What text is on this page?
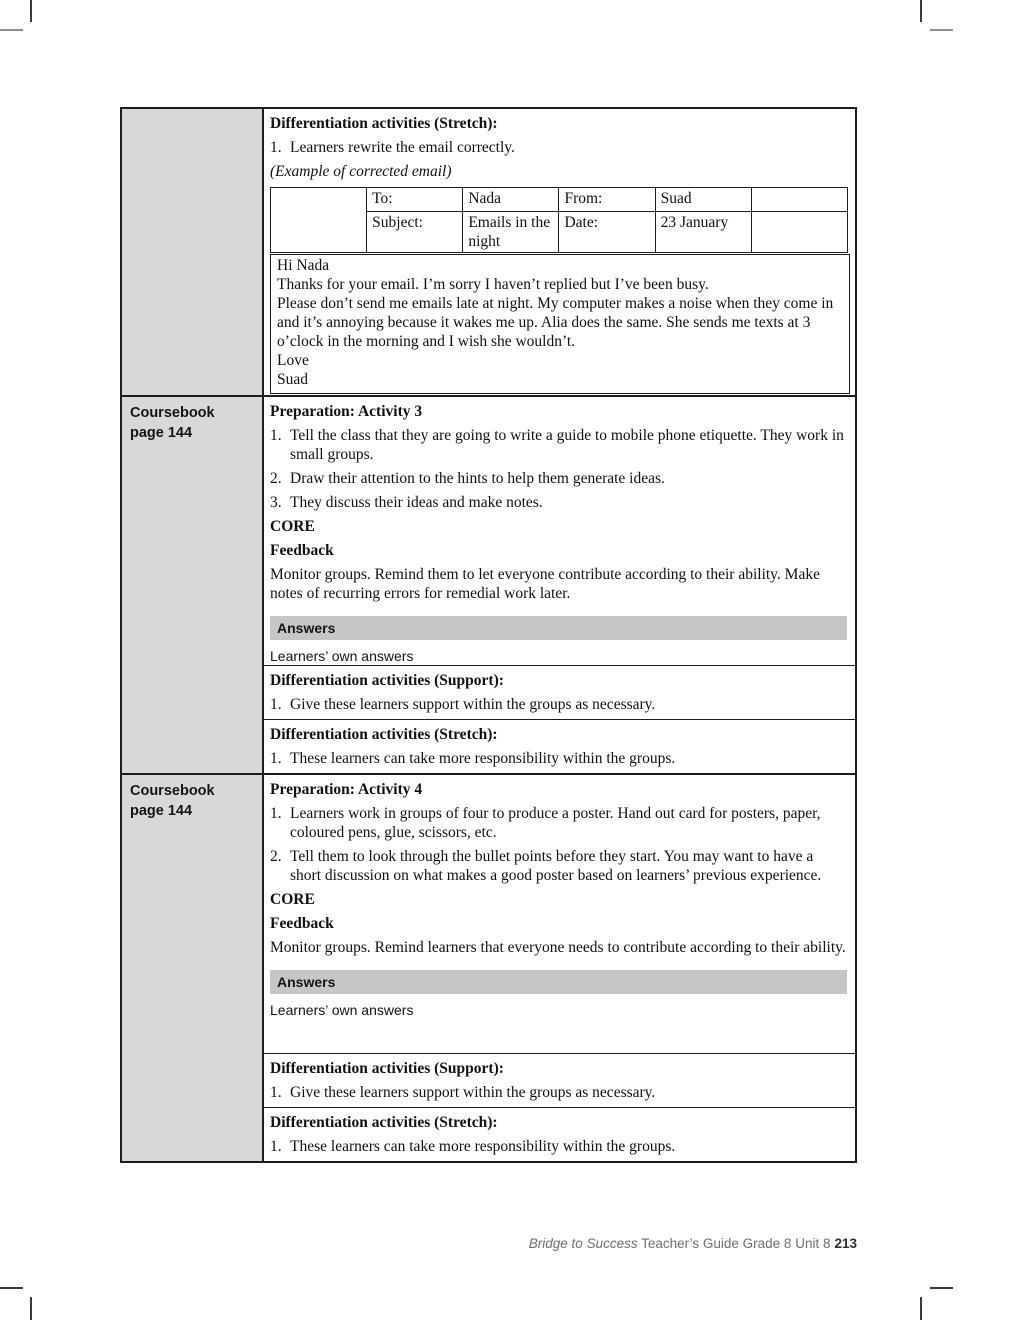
Differentiation activities (Stretch):

1. Learners rewrite the email correctly.

(Example of corrected email)

	To:	Nada	From:	Suad	
	Subject:	Emails in the night	Date:	23 January	

Hi Nada

Thanks for your email. I’m sorry I haven’t replied but I’ve been busy.

Please don’t send me emails late at night. My computer makes a noise when they come in and it’s annoying because it wakes me up. Alia does the same. She sends me texts at 3 o’clock in the morning and I wish she wouldn’t.

Love

Suad

Coursebook
page 144

Preparation: Activity 3

1. Tell the class that they are going to write a guide to mobile phone etiquette. They work in small groups.
2. Draw their attention to the hints to help them generate ideas.
3. They discuss their ideas and make notes.

CORE

Feedback

Monitor groups. Remind them to let everyone contribute according to their ability. Make notes of recurring errors for remedial work later.

Answers

Learners’ own answers

Differentiation activities (Support):

1. Give these learners support within the groups as necessary.

Differentiation activities (Stretch):

1. These learners can take more responsibility within the groups.
Coursebook
page 144

Preparation: Activity 4

1. Learners work in groups of four to produce a poster. Hand out card for posters, paper, coloured pens, glue, scissors, etc.
2. Tell them to look through the bullet points before they start. You may want to have a short discussion on what makes a good poster based on learners’ previous experience.

CORE

Feedback

Monitor groups. Remind learners that everyone needs to contribute according to their ability.

Answers

Learners’ own answers

Differentiation activities (Support):

1. Give these learners support within the groups as necessary.

Differentiation activities (Stretch):

1. These learners can take more responsibility within the groups.
Bridge to Success Teacher’s Guide Grade 8 Unit 8 213
